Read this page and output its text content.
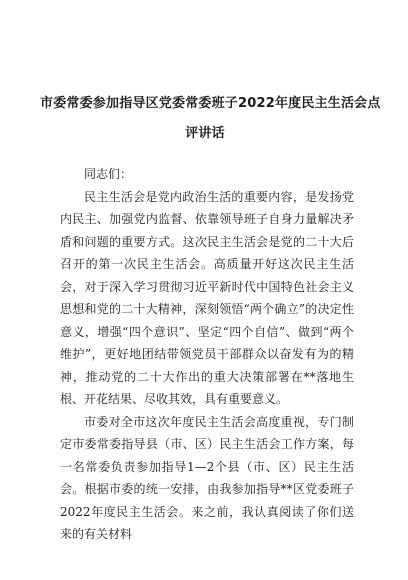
市委常委参加指导区党委常委班子2022年度民主生活会点
评讲话

同志们：

民主生活会是党内政治生活的重要内容，是发扬党内民主、加强党内监督、依靠领导班子自身力量解决矛盾和问题的重要方式。这次民主生活会是党的二十大后召开的第一次民主生活会。高质量开好这次民主生活会，对于深入学习贯彻习近平新时代中国特色社会主义思想和党的二十大精神，深刻领悟“两个确立”的决定性意义，增强“四个意识”、坚定“四个自信”、做到“两个维护”，更好地团结带领党员干部群众以奋发有为的精神，推动党的二十大作出的重大决策部署在**落地生根、开花结果、尽收其效，具有重要意义。

市委对全市这次年度民主生活会高度重视，专门制定市委常委指导县（市、区）民主生活会工作方案，每一名常委负责参加指导1—2个县（市、区）民主生活会。根据市委的统一安排，由我参加指导**区党委班子2022年度民主生活会。来之前，我认真阅读了你们送来的有关材料
